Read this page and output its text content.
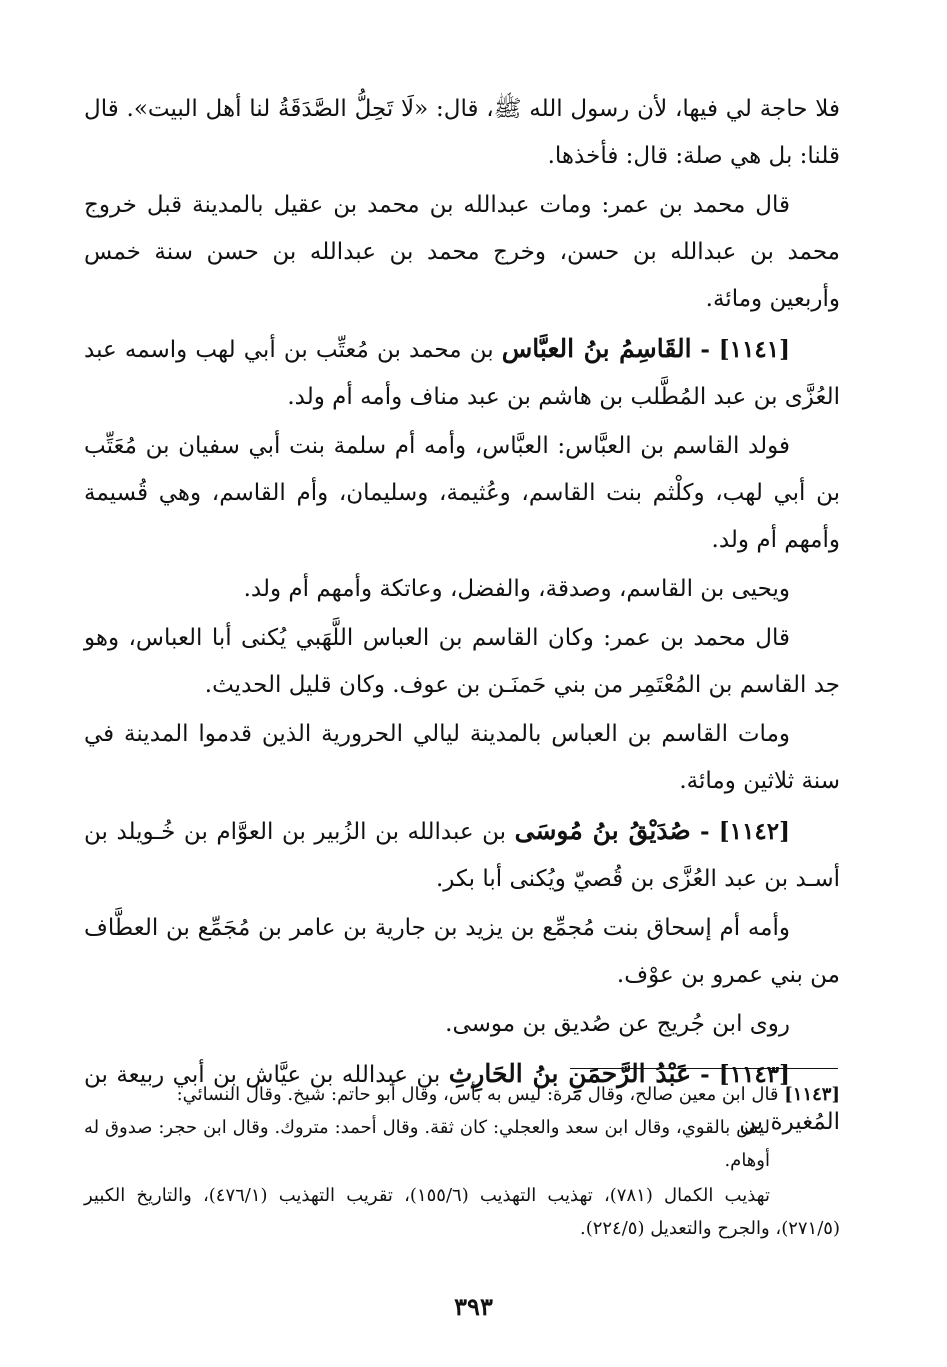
فلا حاجة لي فيها، لأن رسول الله ﷺ، قال: «لَا تَحِلُّ الصَّدَقَةُ لنا أهل البيت». قال قلنا: بل هي صلة: قال: فأخذها.

قال محمد بن عمر: ومات عبدالله بن محمد بن عقيل بالمدينة قبل خروج محمد بن عبدالله بن حسن، وخرج محمد بن عبدالله بن حسن سنة خمس وأربعين ومائة.

[١١٤١] - القَاسِمُ بنُ العبَّاس بن محمد بن مُعتِّب بن أبي لهب واسمه عبد العُزَّى بن عبد المُطَّلب بن هاشم بن عبد مناف وأمه أم ولد.

فولد القاسم بن العبَّاس: العبَّاس، وأمه أم سلمة بنت أبي سفيان بن مُعَتِّب بن أبي لهب، وكلْثم بنت القاسم، وعُثيمة، وسليمان، وأم القاسم، وهي قُسيمة وأمهم أم ولد.

ويحيى بن القاسم، وصدقة، والفضل، وعاتكة وأمهم أم ولد.

قال محمد بن عمر: وكان القاسم بن العباس اللَّهَبي يُكنى أبا العباس، وهو جد القاسم بن المُعْتَمِر من بني حَمنَـن بن عوف. وكان قليل الحديث.

ومات القاسم بن العباس بالمدينة ليالي الحرورية الذين قدموا المدينة في سنة ثلاثين ومائة.

[١١٤٢] - صُدَيْقُ بنُ مُوسَى بن عبدالله بن الزُبير بن العوَّام بن خُـويلد بن أسـد بن عبد العُزَّى بن قُصيّ ويُكنى أبا بكر.

وأمه أم إسحاق بنت مُجمِّع بن يزيد بن جارية بن عامر بن مُجَمِّع بن العطَّاف من بني عمرو بن عوْف.

روى ابن جُريج عن صُديق بن موسى.

[١١٤٣] - عَبْدُ الرَّحمَنِ بنُ الحَارِثِ بن عبدالله بن عيَّاش بن أبي ربيعة بن المُغيرة بن

[١١٤٣] قال ابن معين صالح، وقال مرة: ليس به بأس، وقال أبو حاتم: شيخ. وقال النسائي:

ليس بالقوي، وقال ابن سعد والعجلي: كان ثقة. وقال أحمد: متروك. وقال ابن حجر: صدوق له أوهام.

تهذيب الكمال (٧٨١)، تهذيب التهذيب (١٥٥/٦)، تقريب التهذيب (٤٧٦/١)، والتاريخ الكبير (٢٧١/٥)، والجرح والتعديل (٢٢٤/٥).

٣٩٣
